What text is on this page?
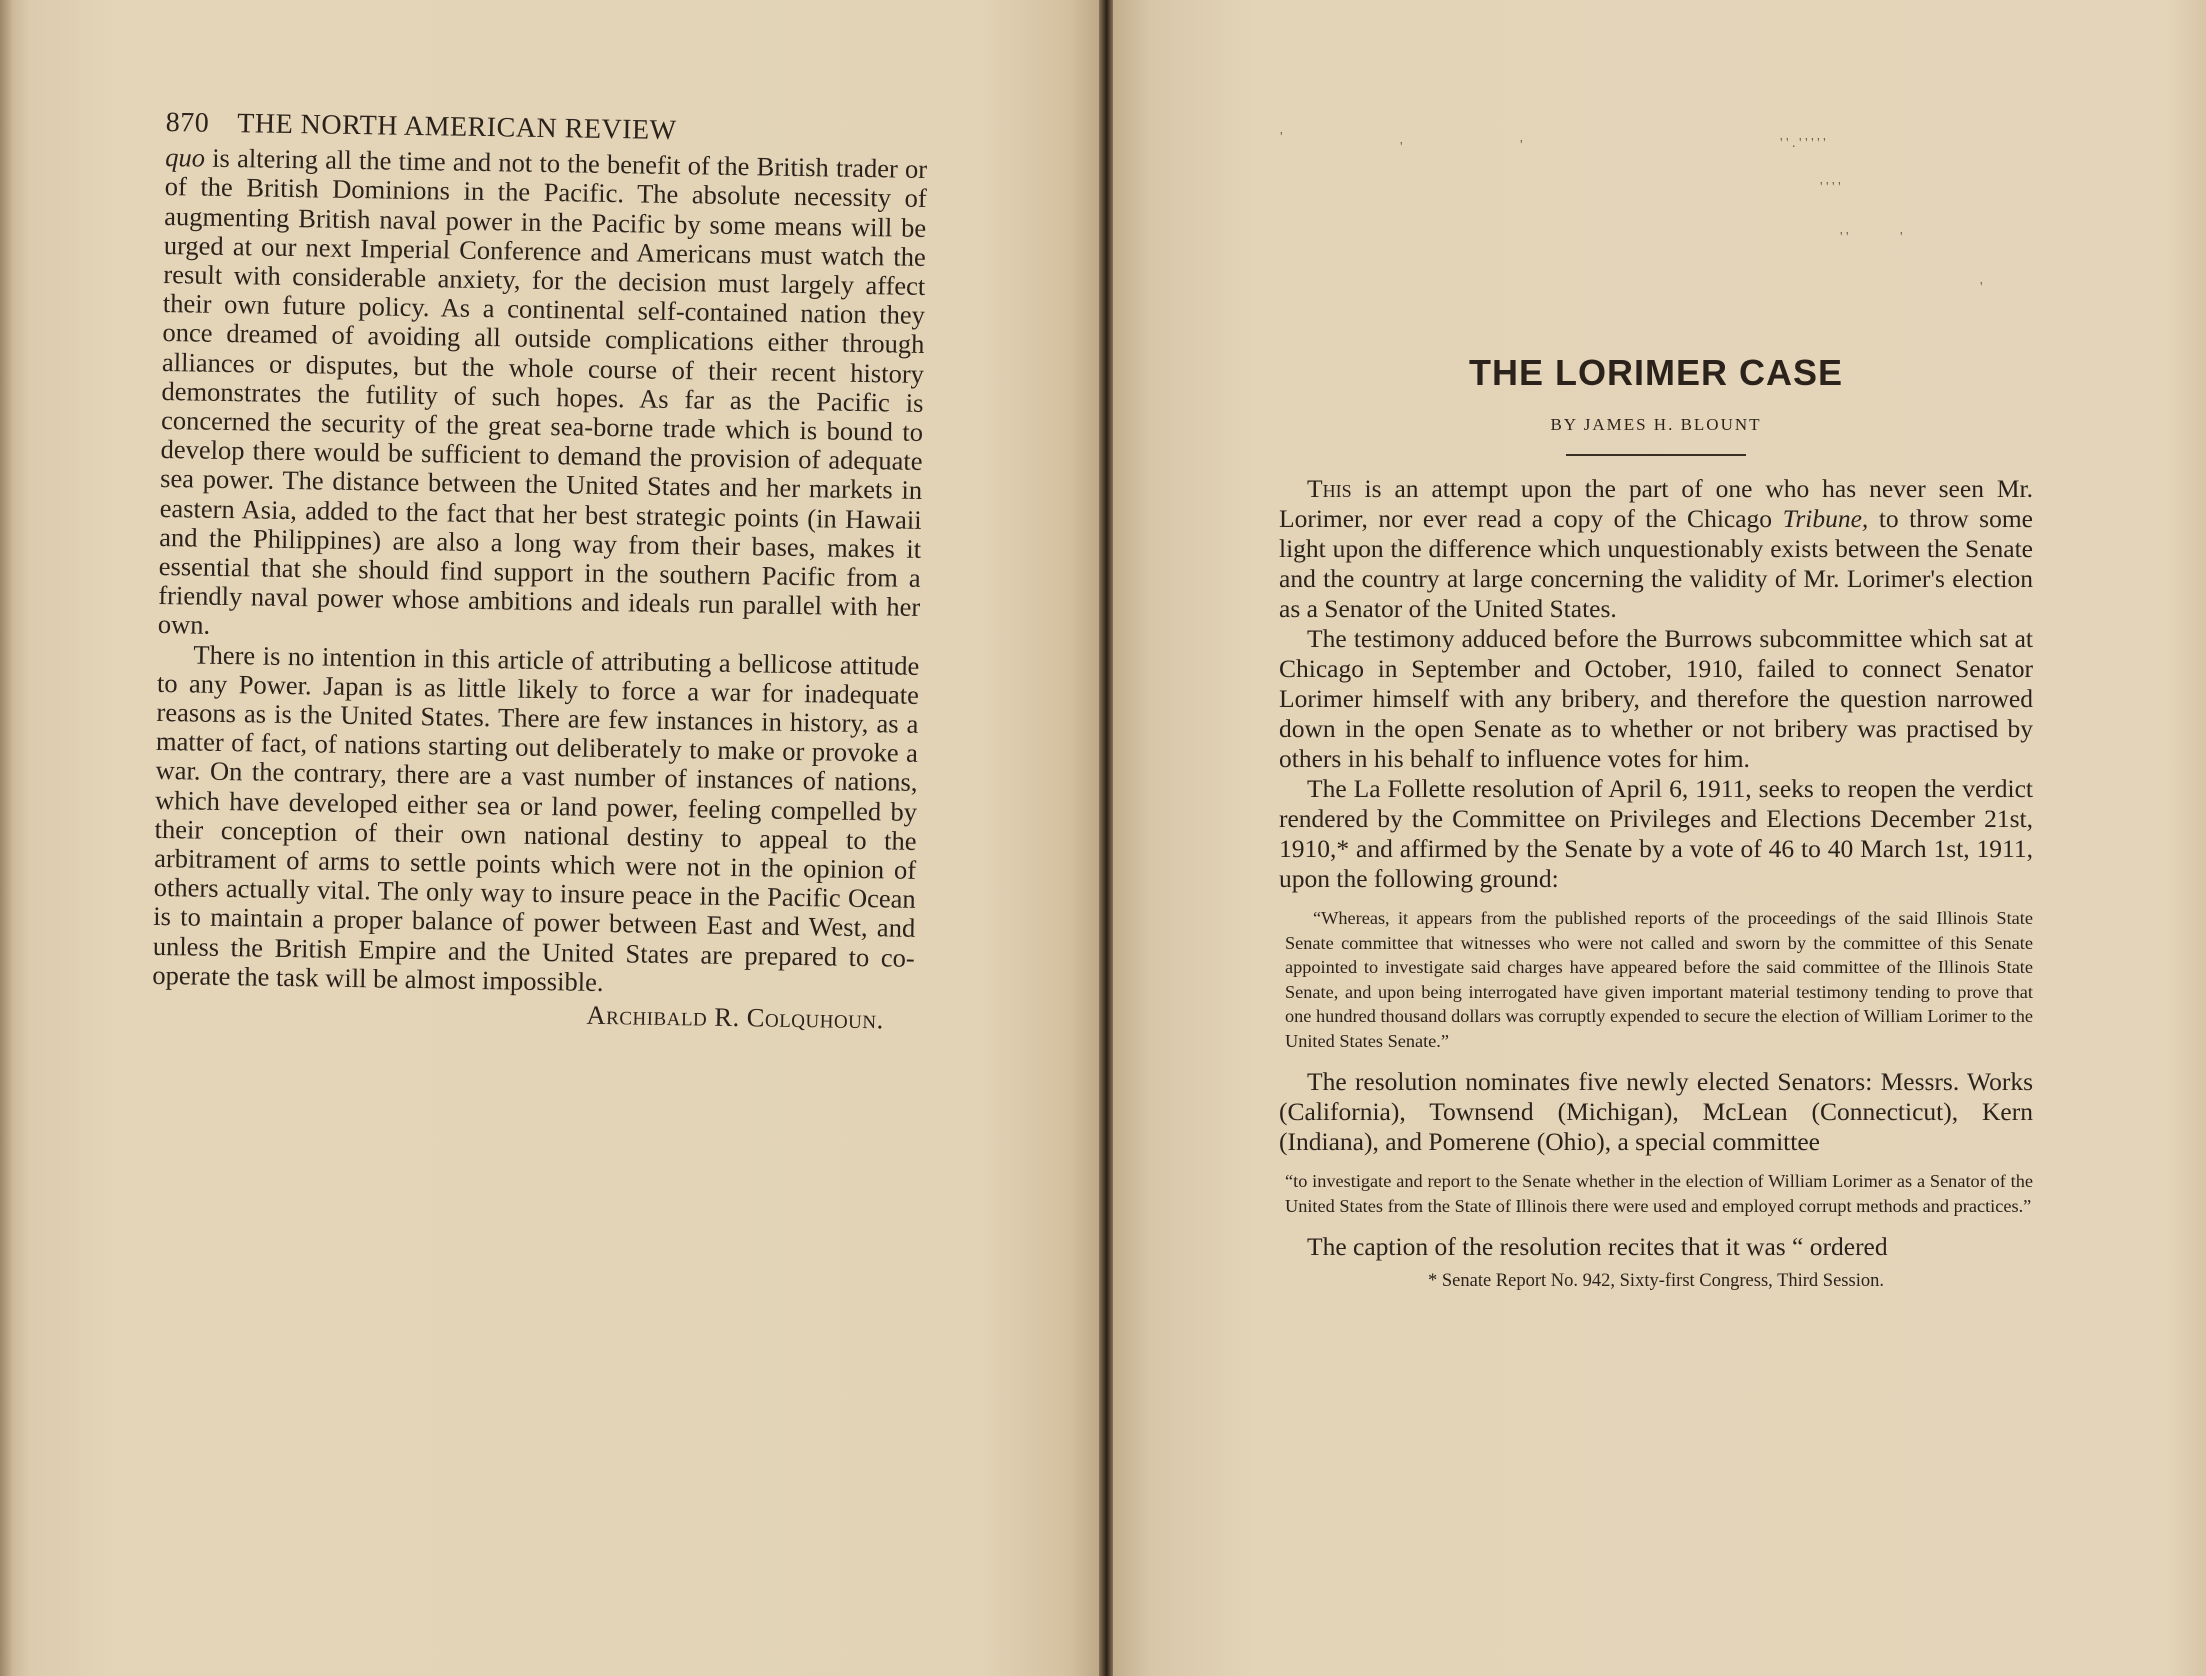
870 THE NORTH AMERICAN REVIEW

quo is altering all the time and not to the benefit of the British trader or of the British Dominions in the Pacific. The absolute necessity of augmenting British naval power in the Pacific by some means will be urged at our next Imperial Conference and Americans must watch the result with considerable anxiety, for the decision must largely affect their own future policy. As a continental self-contained nation they once dreamed of avoiding all outside complications either through alliances or disputes, but the whole course of their recent history demonstrates the futility of such hopes. As far as the Pacific is concerned the security of the great sea-borne trade which is bound to develop there would be sufficient to demand the provision of adequate sea power. The distance between the United States and her markets in eastern Asia, added to the fact that her best strategic points (in Hawaii and the Philippines) are also a long way from their bases, makes it essential that she should find support in the southern Pacific from a friendly naval power whose ambitions and ideals run parallel with her own.

There is no intention in this article of attributing a bellicose attitude to any Power. Japan is as little likely to force a war for inadequate reasons as is the United States. There are few instances in history, as a matter of fact, of nations starting out deliberately to make or provoke a war. On the contrary, there are a vast number of instances of nations, which have developed either sea or land power, feeling compelled by their conception of their own national destiny to appeal to the arbitrament of arms to settle points which were not in the opinion of others actually vital. The only way to insure peace in the Pacific Ocean is to maintain a proper balance of power between East and West, and unless the British Empire and the United States are prepared to co-operate the task will be almost impossible.

Archibald R. Colquhoun.
'
'	'	' ' . ' ' ' ' '
' ' ' '
'
' '
'
THE LORIMER CASE
BY JAMES H. BLOUNT

This is an attempt upon the part of one who has never seen Mr. Lorimer, nor ever read a copy of the Chicago Tribune, to throw some light upon the difference which unquestionably exists between the Senate and the country at large concerning the validity of Mr. Lorimer's election as a Senator of the United States.

The testimony adduced before the Burrows subcommittee which sat at Chicago in September and October, 1910, failed to connect Senator Lorimer himself with any bribery, and therefore the question narrowed down in the open Senate as to whether or not bribery was practised by others in his behalf to influence votes for him.

The La Follette resolution of April 6, 1911, seeks to reopen the verdict rendered by the Committee on Privileges and Elections December 21st, 1910,* and affirmed by the Senate by a vote of 46 to 40 March 1st, 1911, upon the following ground:

“Whereas, it appears from the published reports of the proceedings of the said Illinois State Senate committee that witnesses who were not called and sworn by the committee of this Senate appointed to investigate said charges have appeared before the said committee of the Illinois State Senate, and upon being interrogated have given important material testimony tending to prove that one hundred thousand dollars was corruptly expended to secure the election of William Lorimer to the United States Senate.”

The resolution nominates five newly elected Senators: Messrs. Works (California), Townsend (Michigan), McLean (Connecticut), Kern (Indiana), and Pomerene (Ohio), a special committee

“to investigate and report to the Senate whether in the election of William Lorimer as a Senator of the United States from the State of Illinois there were used and employed corrupt methods and practices.”

The caption of the resolution recites that it was “ ordered

* Senate Report No. 942, Sixty-first Congress, Third Session.
